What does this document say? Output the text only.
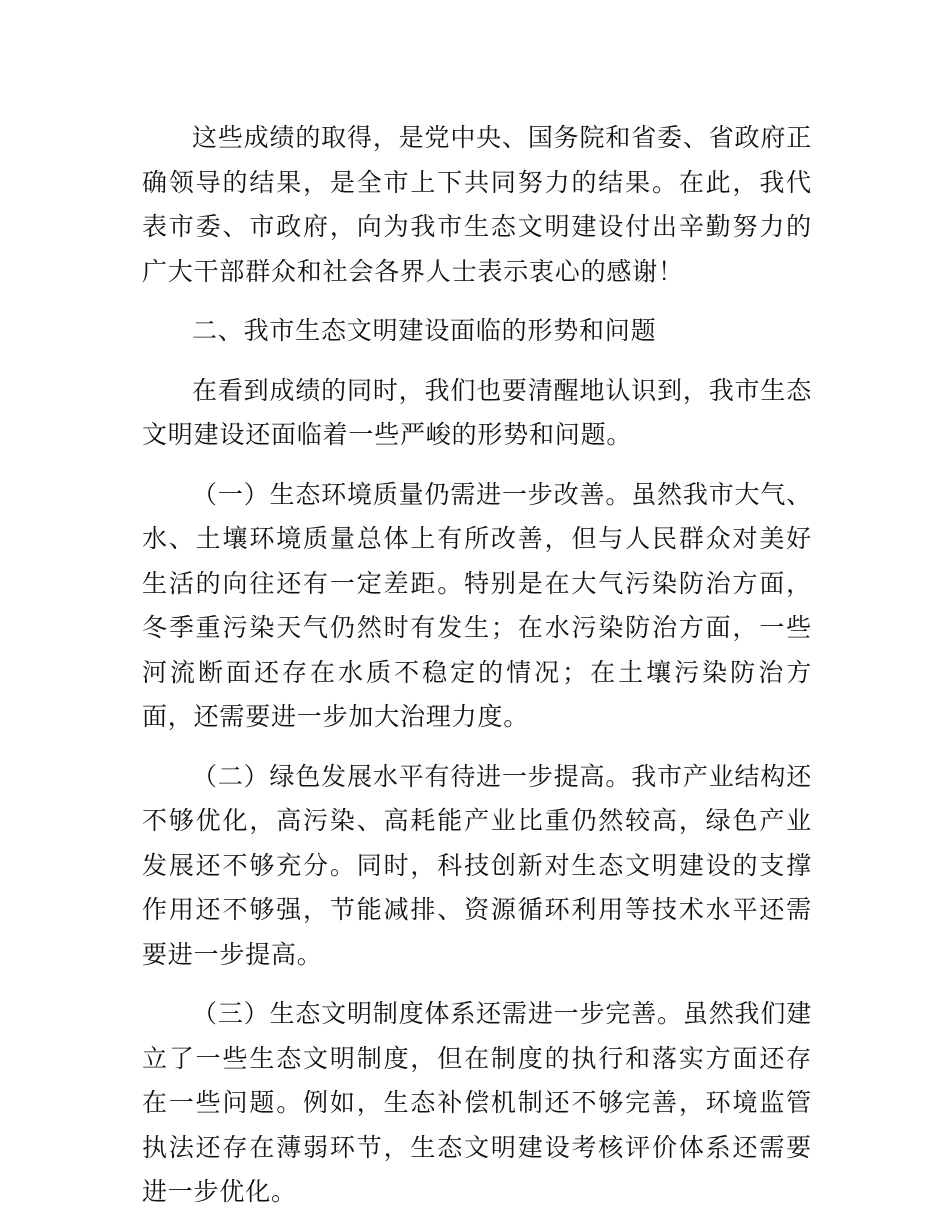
这些成绩的取得，是党中央、国务院和省委、省政府正确领导的结果，是全市上下共同努力的结果。在此，我代表市委、市政府，向为我市生态文明建设付出辛勤努力的广大干部群众和社会各界人士表示衷心的感谢！

二、我市生态文明建设面临的形势和问题

在看到成绩的同时，我们也要清醒地认识到，我市生态文明建设还面临着一些严峻的形势和问题。

（一）生态环境质量仍需进一步改善。虽然我市大气、水、土壤环境质量总体上有所改善，但与人民群众对美好生活的向往还有一定差距。特别是在大气污染防治方面，冬季重污染天气仍然时有发生；在水污染防治方面，一些河流断面还存在水质不稳定的情况；在土壤污染防治方面，还需要进一步加大治理力度。

（二）绿色发展水平有待进一步提高。我市产业结构还不够优化，高污染、高耗能产业比重仍然较高，绿色产业发展还不够充分。同时，科技创新对生态文明建设的支撑作用还不够强，节能减排、资源循环利用等技术水平还需要进一步提高。

（三）生态文明制度体系还需进一步完善。虽然我们建立了一些生态文明制度，但在制度的执行和落实方面还存在一些问题。例如，生态补偿机制还不够完善，环境监管执法还存在薄弱环节，生态文明建设考核评价体系还需要进一步优化。
